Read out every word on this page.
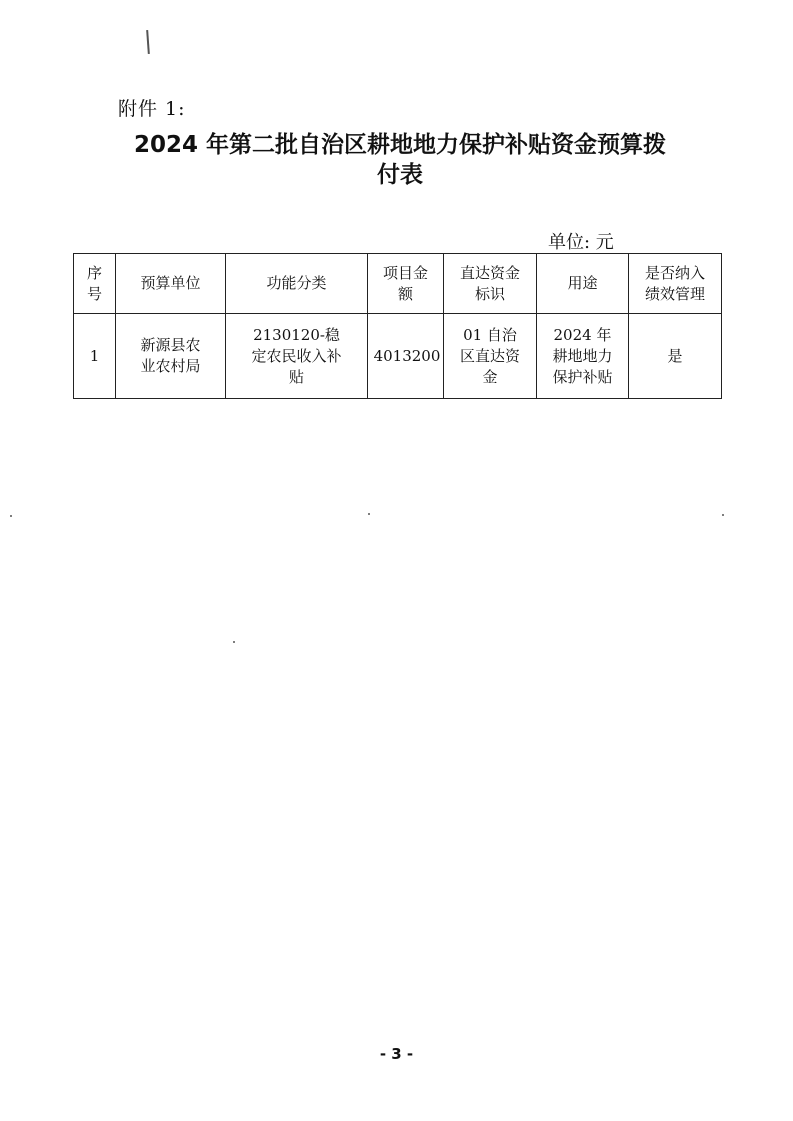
附件 1:
2024 年第二批自治区耕地地力保护补贴资金预算拨
付表
单位: 元
序号	预算单位	功能分类	项目金额	直达资金标识	用途	是否纳入绩效管理
1	新源县农业农村局	2130120-稳定农民收入补贴	4013200	01 自治区直达资金	2024 年耕地地力保护补贴	是
- 3 -
